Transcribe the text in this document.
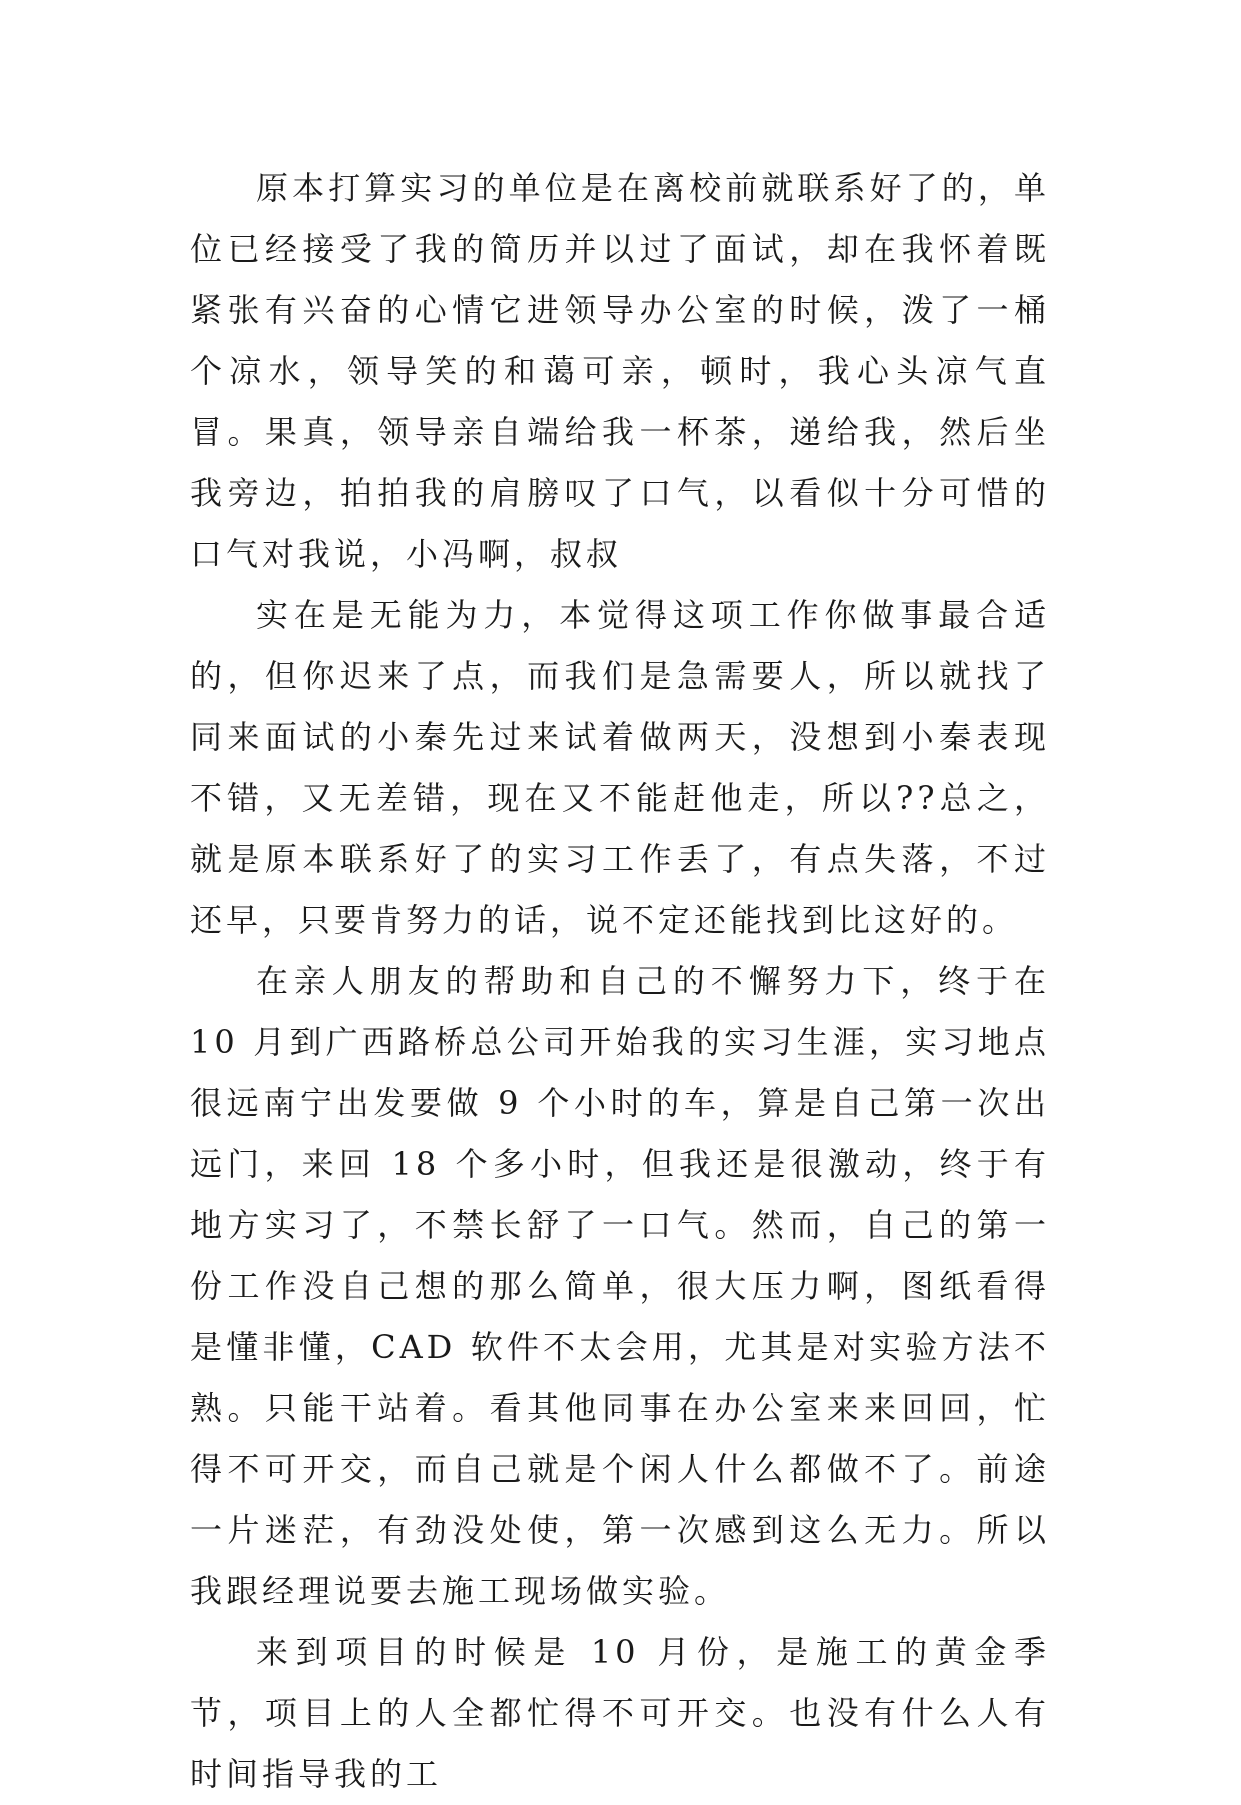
原本打算实习的单位是在离校前就联系好了的，单位已经接受了我的简历并以过了面试，却在我怀着既紧张有兴奋的心情它进领导办公室的时候，泼了一桶个凉水，领导笑的和蔼可亲，顿时，我心头凉气直冒。果真，领导亲自端给我一杯茶，递给我，然后坐我旁边，拍拍我的肩膀叹了口气，以看似十分可惜的口气对我说，小冯啊，叔叔

实在是无能为力，本觉得这项工作你做事最合适的，但你迟来了点，而我们是急需要人，所以就找了同来面试的小秦先过来试着做两天，没想到小秦表现不错，又无差错，现在又不能赶他走，所以??总之，就是原本联系好了的实习工作丢了，有点失落，不过还早，只要肯努力的话，说不定还能找到比这好的。

在亲人朋友的帮助和自己的不懈努力下，终于在 10 月到广西路桥总公司开始我的实习生涯，实习地点很远南宁出发要做 9 个小时的车，算是自己第一次出远门，来回 18 个多小时，但我还是很激动，终于有地方实习了，不禁长舒了一口气。然而，自己的第一份工作没自己想的那么简单，很大压力啊，图纸看得是懂非懂，CAD 软件不太会用，尤其是对实验方法不熟。只能干站着。看其他同事在办公室来来回回，忙得不可开交，而自己就是个闲人什么都做不了。前途一片迷茫，有劲没处使，第一次感到这么无力。所以我跟经理说要去施工现场做实验。

来到项目的时候是 10 月份，是施工的黄金季节，项目上的人全都忙得不可开交。也没有什么人有时间指导我的工
